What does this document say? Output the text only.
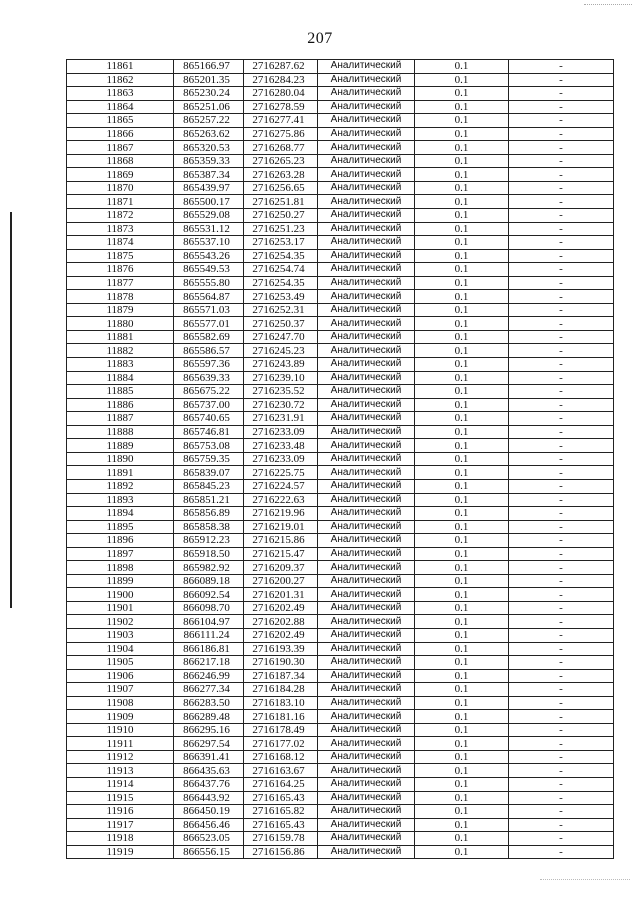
207
11861	865166.97	2716287.62	Аналитический	0.1	-
11862	865201.35	2716284.23	Аналитический	0.1	-
11863	865230.24	2716280.04	Аналитический	0.1	-
11864	865251.06	2716278.59	Аналитический	0.1	-
11865	865257.22	2716277.41	Аналитический	0.1	-
11866	865263.62	2716275.86	Аналитический	0.1	-
11867	865320.53	2716268.77	Аналитический	0.1	-
11868	865359.33	2716265.23	Аналитический	0.1	-
11869	865387.34	2716263.28	Аналитический	0.1	-
11870	865439.97	2716256.65	Аналитический	0.1	-
11871	865500.17	2716251.81	Аналитический	0.1	-
11872	865529.08	2716250.27	Аналитический	0.1	-
11873	865531.12	2716251.23	Аналитический	0.1	-
11874	865537.10	2716253.17	Аналитический	0.1	-
11875	865543.26	2716254.35	Аналитический	0.1	-
11876	865549.53	2716254.74	Аналитический	0.1	-
11877	865555.80	2716254.35	Аналитический	0.1	-
11878	865564.87	2716253.49	Аналитический	0.1	-
11879	865571.03	2716252.31	Аналитический	0.1	-
11880	865577.01	2716250.37	Аналитический	0.1	-
11881	865582.69	2716247.70	Аналитический	0.1	-
11882	865586.57	2716245.23	Аналитический	0.1	-
11883	865597.36	2716243.89	Аналитический	0.1	-
11884	865639.33	2716239.10	Аналитический	0.1	-
11885	865675.22	2716235.52	Аналитический	0.1	-
11886	865737.00	2716230.72	Аналитический	0.1	-
11887	865740.65	2716231.91	Аналитический	0.1	-
11888	865746.81	2716233.09	Аналитический	0.1	-
11889	865753.08	2716233.48	Аналитический	0.1	-
11890	865759.35	2716233.09	Аналитический	0.1	-
11891	865839.07	2716225.75	Аналитический	0.1	-
11892	865845.23	2716224.57	Аналитический	0.1	-
11893	865851.21	2716222.63	Аналитический	0.1	-
11894	865856.89	2716219.96	Аналитический	0.1	-
11895	865858.38	2716219.01	Аналитический	0.1	-
11896	865912.23	2716215.86	Аналитический	0.1	-
11897	865918.50	2716215.47	Аналитический	0.1	-
11898	865982.92	2716209.37	Аналитический	0.1	-
11899	866089.18	2716200.27	Аналитический	0.1	-
11900	866092.54	2716201.31	Аналитический	0.1	-
11901	866098.70	2716202.49	Аналитический	0.1	-
11902	866104.97	2716202.88	Аналитический	0.1	-
11903	866111.24	2716202.49	Аналитический	0.1	-
11904	866186.81	2716193.39	Аналитический	0.1	-
11905	866217.18	2716190.30	Аналитический	0.1	-
11906	866246.99	2716187.34	Аналитический	0.1	-
11907	866277.34	2716184.28	Аналитический	0.1	-
11908	866283.50	2716183.10	Аналитический	0.1	-
11909	866289.48	2716181.16	Аналитический	0.1	-
11910	866295.16	2716178.49	Аналитический	0.1	-
11911	866297.54	2716177.02	Аналитический	0.1	-
11912	866391.41	2716168.12	Аналитический	0.1	-
11913	866435.63	2716163.67	Аналитический	0.1	-
11914	866437.76	2716164.25	Аналитический	0.1	-
11915	866443.92	2716165.43	Аналитический	0.1	-
11916	866450.19	2716165.82	Аналитический	0.1	-
11917	866456.46	2716165.43	Аналитический	0.1	-
11918	866523.05	2716159.78	Аналитический	0.1	-
11919	866556.15	2716156.86	Аналитический	0.1	-
